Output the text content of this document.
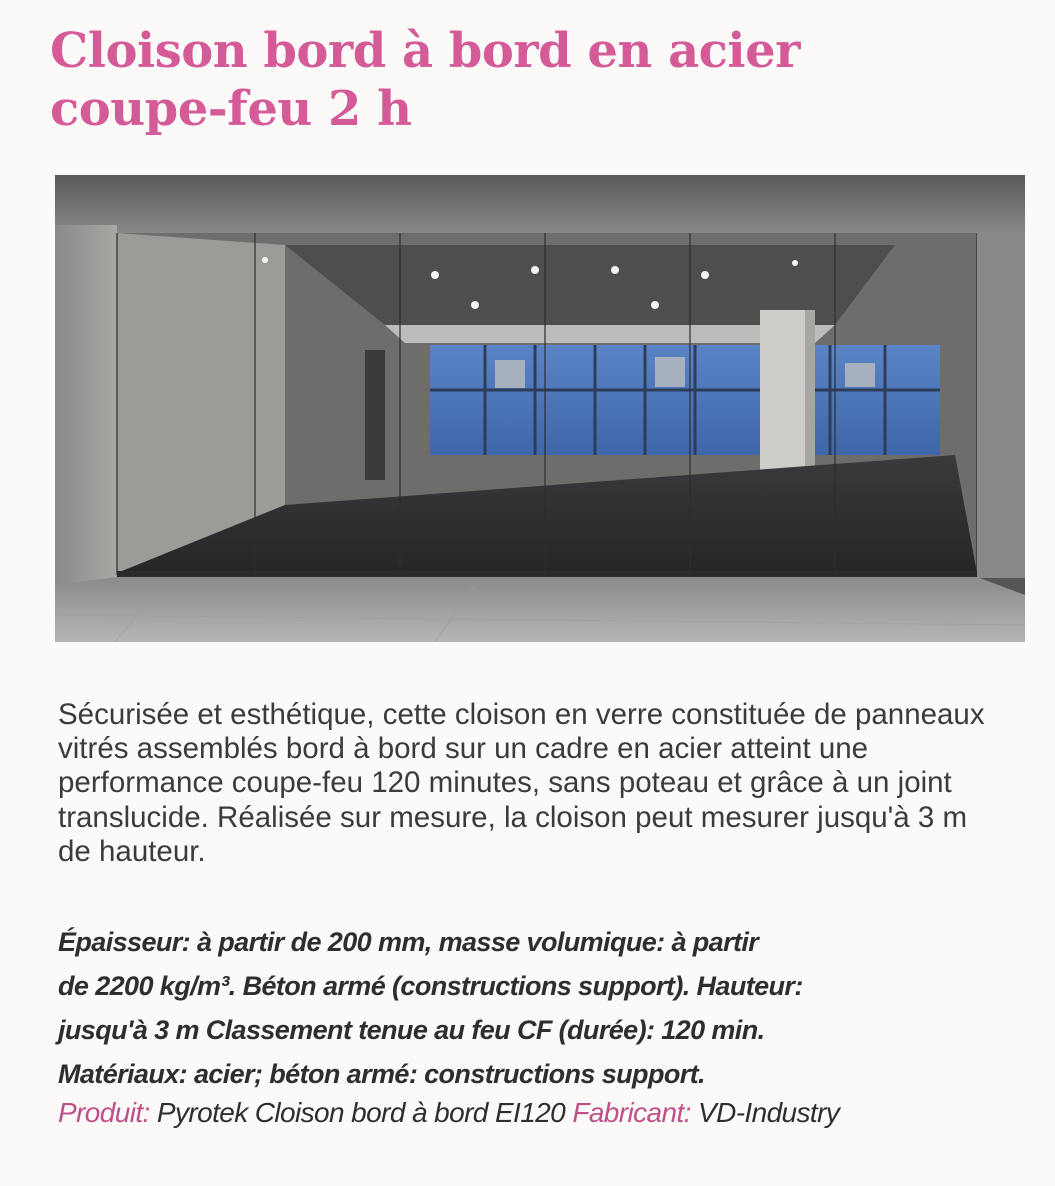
Cloison bord à bord en acier
coupe-feu 2 h

Sécurisée et esthétique, cette cloison en verre constituée de panneaux vitrés assemblés bord à bord sur un cadre en acier atteint une performance coupe-feu 120 minutes, sans poteau et grâce à un joint translucide. Réalisée sur mesure, la cloison peut mesurer jusqu'à 3 m de hauteur.

Épaisseur: à partir de 200 mm, masse volumique: à partir
de 2200 kg/m³. Béton armé (constructions support). Hauteur:
jusqu'à 3 m Classement tenue au feu CF (durée): 120 min.
Matériaux: acier; béton armé: constructions support.

Produit: Pyrotek Cloison bord à bord EI120 Fabricant: VD-Industry
